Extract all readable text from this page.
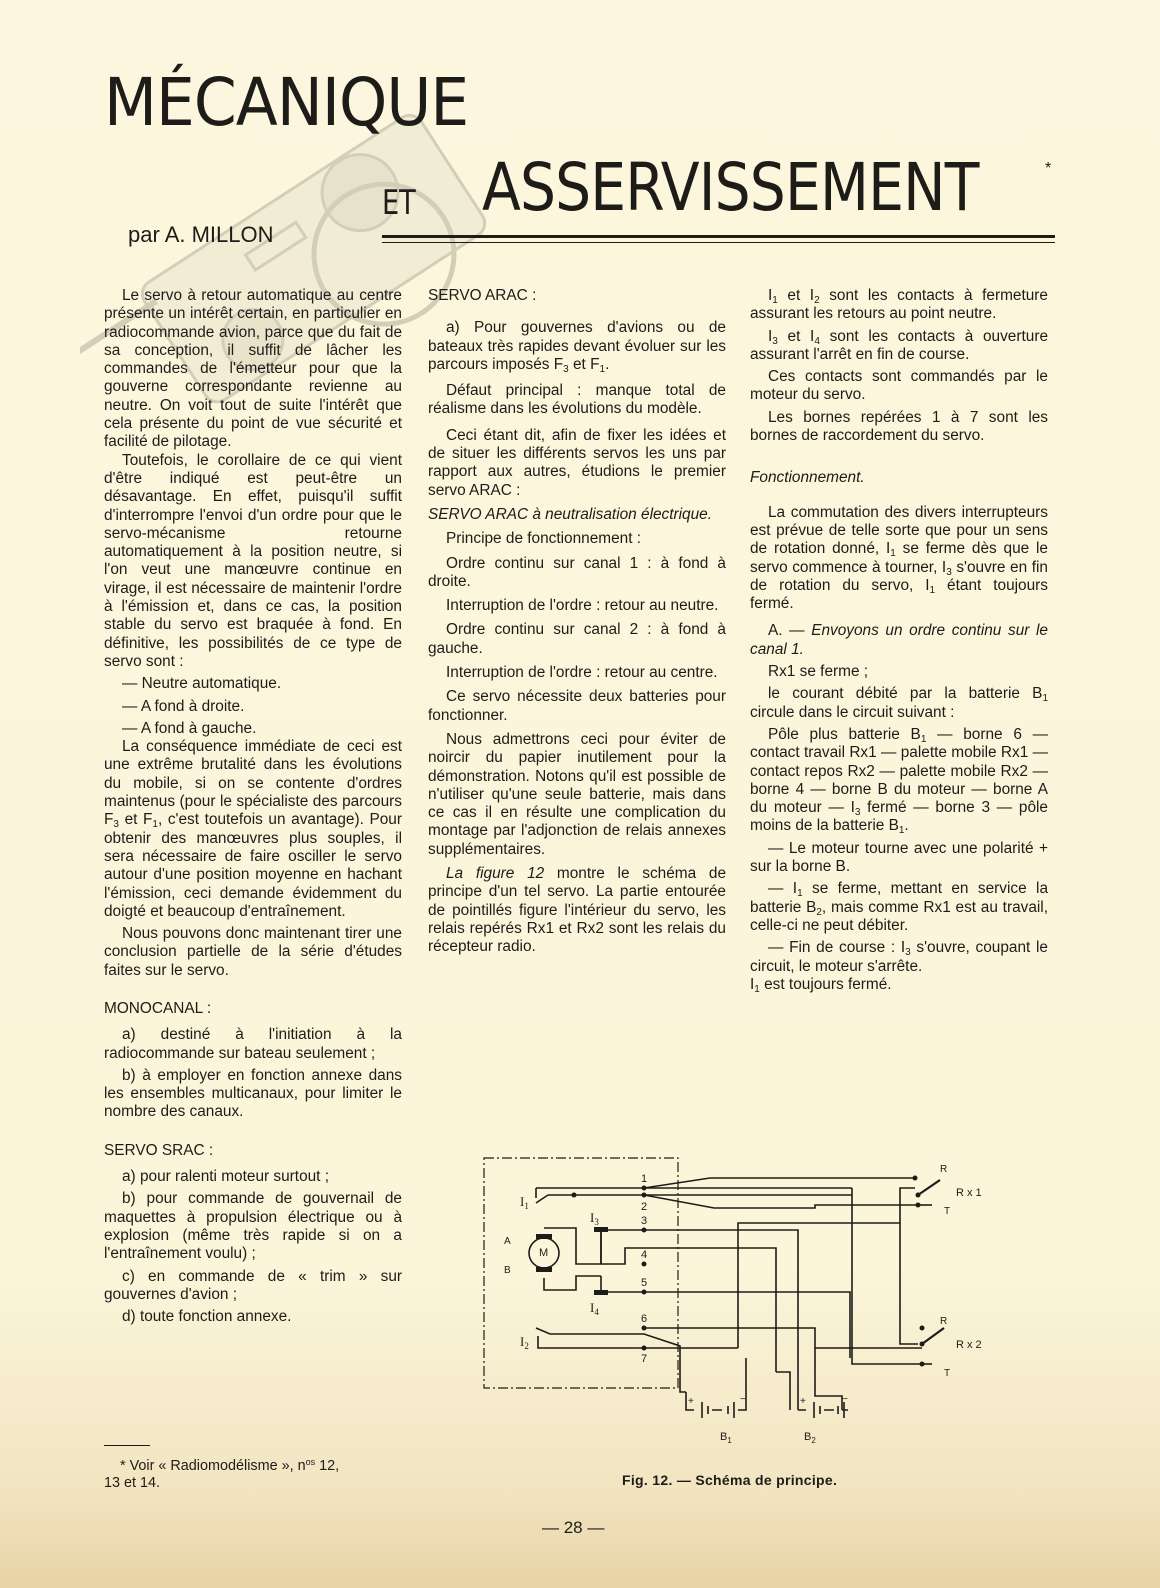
MÉCANIQUE
ET ASSERVISSEMENT	*
par A. MILLON

Le servo à retour automatique au centre présente un intérêt certain, en particulier en radiocommande avion, parce que du fait de sa conception, il suffit de lâcher les commandes de l'émetteur pour que la gouverne correspondante revienne au neutre. On voit tout de suite l'intérêt que cela présente du point de vue sécurité et facilité de pilotage.

Toutefois, le corollaire de ce qui vient d'être indiqué est peut-être un désavantage. En effet, puisqu'il suffit d'interrompre l'envoi d'un ordre pour que le servo-mécanisme retourne automatiquement à la position neutre, si l'on veut une manœuvre continue en virage, il est nécessaire de maintenir l'ordre à l'émission et, dans ce cas, la position stable du servo est braquée à fond. En définitive, les possibilités de ce type de servo sont :

— Neutre automatique.

— A fond à droite.

— A fond à gauche.

La conséquence immédiate de ceci est une extrême brutalité dans les évolutions du mobile, si on se contente d'ordres maintenus (pour le spécialiste des parcours $F_3$ et $F_1$, c'est toutefois un avantage). Pour obtenir des manœuvres plus souples, il sera nécessaire de faire osciller le servo autour d'une position moyenne en hachant l'émission, ceci demande évidemment du doigté et beaucoup d'entraînement.

Nous pouvons donc maintenant tirer une conclusion partielle de la série d'études faites sur le servo.

MONOCANAL :

a) destiné à l'initiation à la radiocommande sur bateau seulement ;

b) à employer en fonction annexe dans les ensembles multicanaux, pour limiter le nombre des canaux.

SERVO SRAC :

a) pour ralenti moteur surtout ;

b) pour commande de gouvernail de maquettes à propulsion électrique ou à explosion (même très rapide si on a l'entraînement voulu) ;

c) en commande de « trim » sur gouvernes d'avion ;

d) toute fonction annexe.

* Voir « Radiomodélisme », $n^{os}$ 12,
13 et 14.

SERVO ARAC :

a) Pour gouvernes d'avions ou de bateaux très rapides devant évoluer sur les parcours imposés $F_3$ et $F_1$.

Défaut principal : manque total de réalisme dans les évolutions du modèle.

Ceci étant dit, afin de fixer les idées et de situer les différents servos les uns par rapport aux autres, étudions le premier servo ARAC :

SERVO ARAC à neutralisation électrique.

Principe de fonctionnement :

Ordre continu sur canal 1 : à fond à droite.

Interruption de l'ordre : retour au neutre.

Ordre continu sur canal 2 : à fond à gauche.

Interruption de l'ordre : retour au centre.

Ce servo nécessite deux batteries pour fonctionner.

Nous admettrons ceci pour éviter de noircir du papier inutilement pour la démonstration. Notons qu'il est possible de n'utiliser qu'une seule batterie, mais dans ce cas il en résulte une complication du montage par l'adjonction de relais annexes supplémentaires.

La figure 12 montre le schéma de principe d'un tel servo. La partie entourée de pointillés figure l'intérieur du servo, les relais repérés Rx1 et Rx2 sont les relais du récepteur radio.

$I_1$ et $I_2$ sont les contacts à fermeture assurant les retours au point neutre.

$I_3$ et $I_4$ sont les contacts à ouverture assurant l'arrêt en fin de course.

Ces contacts sont commandés par le moteur du servo.

Les bornes repérées 1 à 7 sont les bornes de raccordement du servo.

Fonctionnement.

La commutation des divers interrupteurs est prévue de telle sorte que pour un sens de rotation donné, $I_1$ se ferme dès que le servo commence à tourner, $I_3$ s'ouvre en fin de rotation du servo, $I_1$ étant toujours fermé.

A. — Envoyons un ordre continu sur le canal 1.

Rx1 se ferme ;

le courant débité par la batterie $B_1$ circule dans le circuit suivant :

Pôle plus batterie $B_1$ — borne 6 — contact travail Rx1 — palette mobile Rx1 — contact repos Rx2 — palette mobile Rx2 — borne 4 — borne B du moteur — borne A du moteur — $I_3$ fermé — borne 3 — pôle moins de la batterie $B_1$.

— Le moteur tourne avec une polarité + sur la borne B.

— $I_1$ se ferme, mettant en service la batterie $B_2$, mais comme Rx1 est au travail, celle-ci ne peut débiter.

— Fin de course : $I_3$ s'ouvre, coupant le circuit, le moteur s'arrête.

$I_1$ est toujours fermé.

1
2
3
4
5
6
7
$I_1$
$I_2$
$I_3$
$I_4$
A
B
M
R
T
R x 1
R
T
R x 2
+	−	+	−
$B_1$	$B_2$
Fig. 12. — Schéma de principe.
— 28 —
